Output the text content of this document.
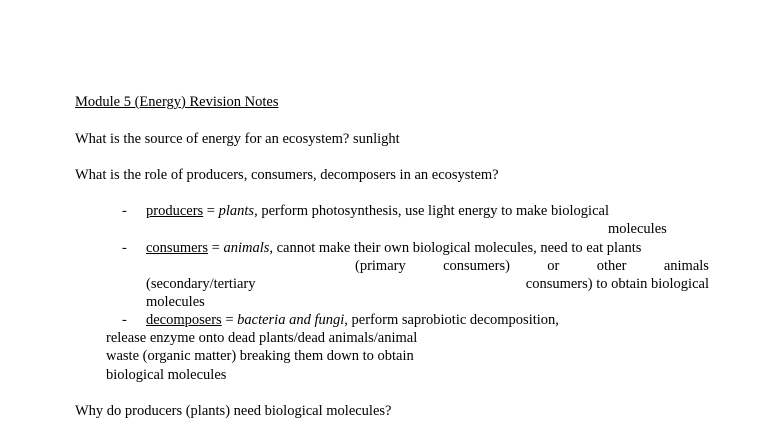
Module 5 (Energy) Revision Notes
What is the source of energy for an ecosystem? sunlight
What is the role of producers, consumers, decomposers in an ecosystem?
- producers = plants, perform photosynthesis, use light energy to make biological
molecules
- consumers = animals, cannot make their own biological molecules, need to eat plants
(primary	consumers)	or	other	animals
(secondary/tertiary	consumers) to obtain biological
molecules
- decomposers = bacteria and fungi, perform saprobiotic decomposition,
release enzyme onto dead plants/dead animals/animal
waste (organic matter) breaking them down to obtain
biological molecules
Why do producers (plants) need biological molecules?
